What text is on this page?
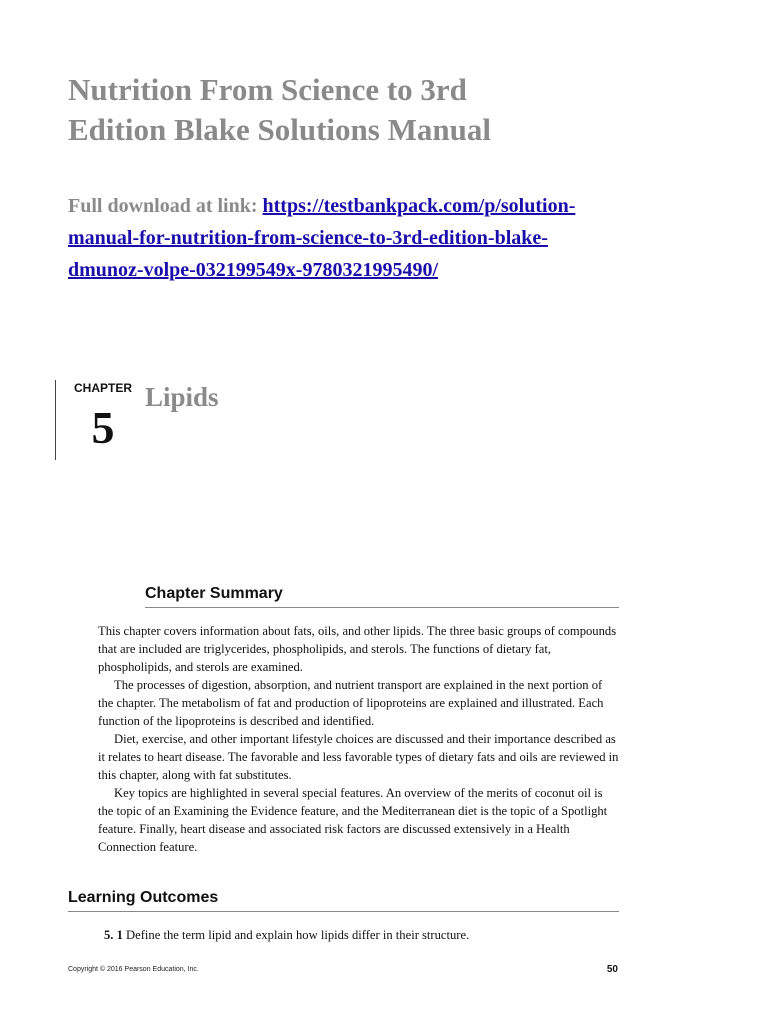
Nutrition From Science to 3rd
Edition Blake Solutions Manual
Full download at link: https://testbankpack.com/p/solution-
manual-for-nutrition-from-science-to-3rd-edition-blake-
dmunoz-volpe-032199549x-9780321995490/
CHAPTER
5
Lipids
Chapter Summary

This chapter covers information about fats, oils, and other lipids. The three basic groups of compounds that are included are triglycerides, phospholipids, and sterols. The functions of dietary fat, phospholipids, and sterols are examined.

The processes of digestion, absorption, and nutrient transport are explained in the next portion of the chapter. The metabolism of fat and production of lipoproteins are explained and illustrated. Each function of the lipoproteins is described and identified.

Diet, exercise, and other important lifestyle choices are discussed and their importance described as it relates to heart disease. The favorable and less favorable types of dietary fats and oils are reviewed in this chapter, along with fat substitutes.

Key topics are highlighted in several special features. An overview of the merits of coconut oil is the topic of an Examining the Evidence feature, and the Mediterranean diet is the topic of a Spotlight feature. Finally, heart disease and associated risk factors are discussed extensively in a Health Connection feature.

Learning Outcomes
5. 1 Define the term lipid and explain how lipids differ in their structure.
Copyright © 2016 Pearson Education, Inc.	50
